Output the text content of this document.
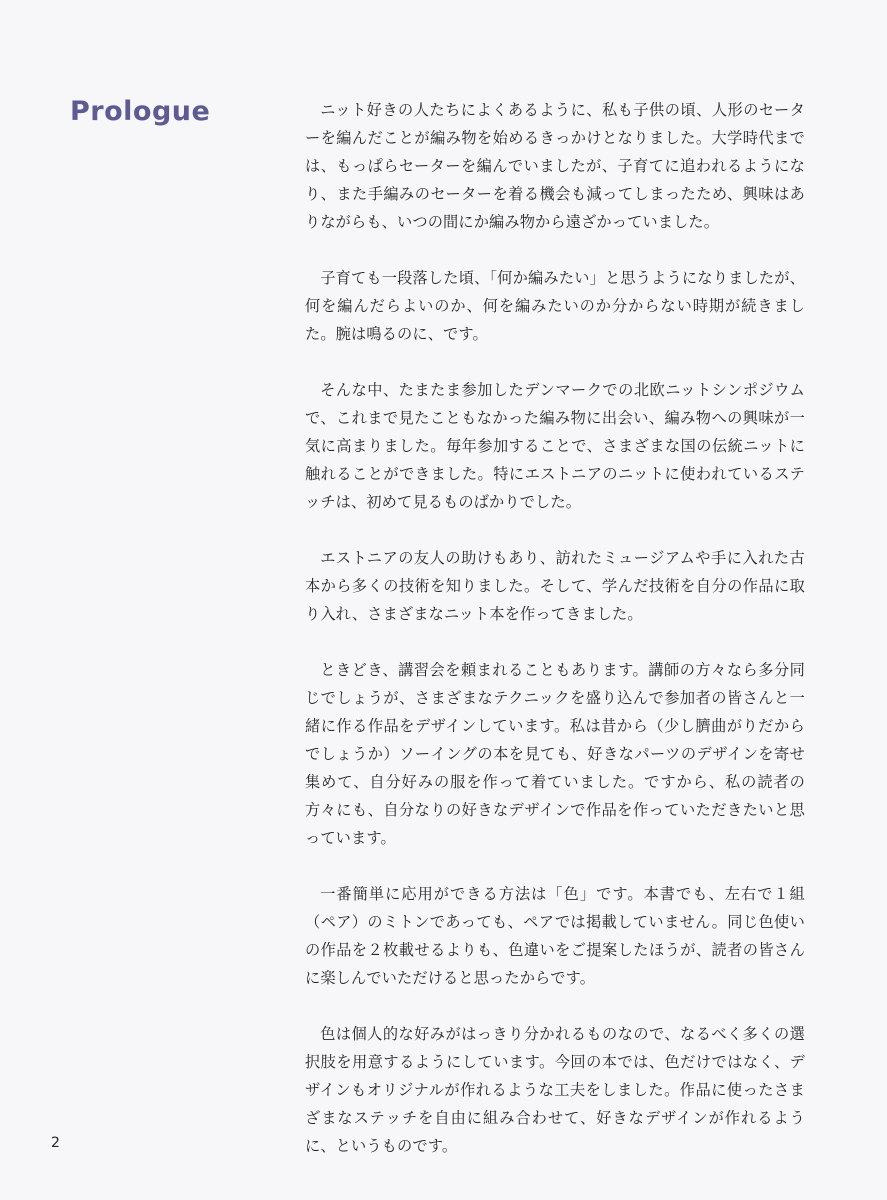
Prologue	ニット好きの人たちによくあるように、私も子供の頃、人形のセーターを編んだことが編み物を始めるきっかけとなりました。大学時代までは、もっぱらセーターを編んでいましたが、子育てに追われるようになり、また手編みのセーターを着る機会も減ってしまったため、興味はありながらも、いつの間にか編み物から遠ざかっていました。

子育ても一段落した頃、「何か編みたい」と思うようになりましたが、何を編んだらよいのか、何を編みたいのか分からない時期が続きました。腕は鳴るのに、です。

そんな中、たまたま参加したデンマークでの北欧ニットシンポジウムで、これまで見たこともなかった編み物に出会い、編み物への興味が一気に高まりました。毎年参加することで、さまざまな国の伝統ニットに触れることができました。特にエストニアのニットに使われているステッチは、初めて見るものばかりでした。

エストニアの友人の助けもあり、訪れたミュージアムや手に入れた古本から多くの技術を知りました。そして、学んだ技術を自分の作品に取り入れ、さまざまなニット本を作ってきました。

ときどき、講習会を頼まれることもあります。講師の方々なら多分同じでしょうが、さまざまなテクニックを盛り込んで参加者の皆さんと一緒に作る作品をデザインしています。私は昔から（少し臍曲がりだからでしょうか）ソーイングの本を見ても、好きなパーツのデザインを寄せ集めて、自分好みの服を作って着ていました。ですから、私の読者の方々にも、自分なりの好きなデザインで作品を作っていただきたいと思っています。

一番簡単に応用ができる方法は「色」です。本書でも、左右で１組（ペア）のミトンであっても、ペアでは掲載していません。同じ色使いの作品を２枚載せるよりも、色違いをご提案したほうが、読者の皆さんに楽しんでいただけると思ったからです。

色は個人的な好みがはっきり分かれるものなので、なるべく多くの選択肢を用意するようにしています。今回の本では、色だけではなく、デザインもオリジナルが作れるような工夫をしました。作品に使ったさまざまなステッチを自由に組み合わせて、好きなデザインが作れるように、というものです。

2
